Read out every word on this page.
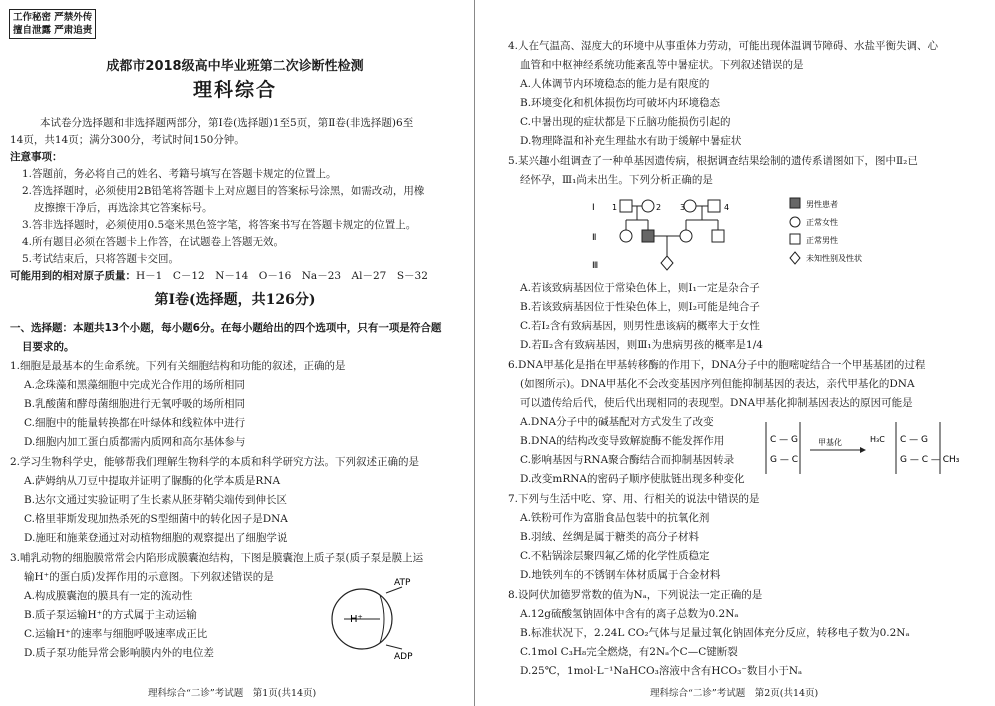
工作秘密 严禁外传
擅自泄露 严肃追责
成都市2018级高中毕业班第二次诊断性检测
理科综合
本试卷分选择题和非选择题两部分，第Ⅰ卷(选择题)1至5页，第Ⅱ卷(非选择题)6至
14页，共14页；满分300分，考试时间150分钟。
注意事项：
1.答题前，务必将自己的姓名、考籍号填写在答题卡规定的位置上。
2.答选择题时，必须使用2B铅笔将答题卡上对应题目的答案标号涂黑，如需改动，用橡
皮擦擦干净后，再选涂其它答案标号。
3.答非选择题时，必须使用0.5毫米黑色签字笔，将答案书写在答题卡规定的位置上。
4.所有题目必须在答题卡上作答，在试题卷上答题无效。
5.考试结束后，只将答题卡交回。
可能用到的相对原子质量：H－1　C－12　N－14　O－16　Na－23　Al－27　S－32
第Ⅰ卷(选择题，共126分)
一、选择题：本题共13个小题，每小题6分。在每小题给出的四个选项中，只有一项是符合题
目要求的。
1.细胞是最基本的生命系统。下列有关细胞结构和功能的叙述，正确的是
A.念珠藻和黑藻细胞中完成光合作用的场所相同
B.乳酸菌和酵母菌细胞进行无氧呼吸的场所相同
C.细胞中的能量转换都在叶绿体和线粒体中进行
D.细胞内加工蛋白质都需内质网和高尔基体参与
2.学习生物科学史，能够帮我们理解生物科学的本质和科学研究方法。下列叙述正确的是
A.萨姆纳从刀豆中提取并证明了脲酶的化学本质是RNA
B.达尔文通过实验证明了生长素从胚芽鞘尖端传到伸长区
C.格里菲斯发现加热杀死的S型细菌中的转化因子是DNA
D.施旺和施莱登通过对动植物细胞的观察提出了细胞学说
3.哺乳动物的细胞膜常常会内陷形成膜囊泡结构，下图是膜囊泡上质子泵(质子泵是膜上运
输H⁺的蛋白质)发挥作用的示意图。下列叙述错误的是
A.构成膜囊泡的膜具有一定的流动性
B.质子泵运输H⁺的方式属于主动运输
C.运输H⁺的速率与细胞呼吸速率成正比
D.质子泵功能异常会影响膜内外的电位差
ATP
ADP
H⁺
理科综合“二诊”考试题　第1页(共14页)
4.人在气温高、湿度大的环境中从事重体力劳动，可能出现体温调节障碍、水盐平衡失调、心
血管和中枢神经系统功能紊乱等中暑症状。下列叙述错误的是
A.人体调节内环境稳态的能力是有限度的
B.环境变化和机体损伤均可破坏内环境稳态
C.中暑出现的症状都是下丘脑功能损伤引起的
D.物理降温和补充生理盐水有助于缓解中暑症状
5.某兴趣小组调查了一种单基因遗传病，根据调查结果绘制的遗传系谱图如下，图中Ⅱ₂已
经怀孕，Ⅲ₁尚未出生。下列分析正确的是
Ⅰ
Ⅱ
Ⅲ
1	2 3	4	男性患者
正常女性
正常男性
未知性别及性状
A.若该致病基因位于常染色体上，则Ⅰ₁一定是杂合子
B.若该致病基因位于性染色体上，则Ⅰ₂可能是纯合子
C.若Ⅰ₂含有致病基因，则男性患该病的概率大于女性
D.若Ⅱ₂含有致病基因，则Ⅲ₁为患病男孩的概率是1/4
6.DNA甲基化是指在甲基转移酶的作用下，DNA分子中的胞嘧啶结合一个甲基基团的过程
(如图所示)。DNA甲基化不会改变基因序列但能抑制基因的表达，亲代甲基化的DNA
可以遗传给后代，使后代出现相同的表现型。DNA甲基化抑制基因表达的原因可能是
A.DNA分子中的碱基配对方式发生了改变
B.DNA的结构改变导致解旋酶不能发挥作用
C.影响基因与RNA聚合酶结合而抑制基因转录
D.改变mRNA的密码子顺序使肽链出现多种变化
C — G
G — C
甲基化	H₃C C — G
G — C — CH₃
7.下列与生活中吃、穿、用、行相关的说法中错误的是
A.铁粉可作为富脂食品包装中的抗氧化剂
B.羽绒、丝绸是属于糖类的高分子材料
C.不粘锅涂层聚四氟乙烯的化学性质稳定
D.地铁列车的不锈钢车体材质属于合金材料
8.设阿伏加德罗常数的值为Nₐ，下列说法一定正确的是
A.12g硫酸氢钠固体中含有的离子总数为0.2Nₐ
B.标准状况下，2.24L CO₂气体与足量过氧化钠固体充分反应，转移电子数为0.2Nₐ
C.1mol C₃H₈完全燃烧，有2Nₐ个C—C键断裂
D.25℃，1mol·L⁻¹NaHCO₃溶液中含有HCO₃⁻数目小于Nₐ
理科综合“二诊”考试题　第2页(共14页)
